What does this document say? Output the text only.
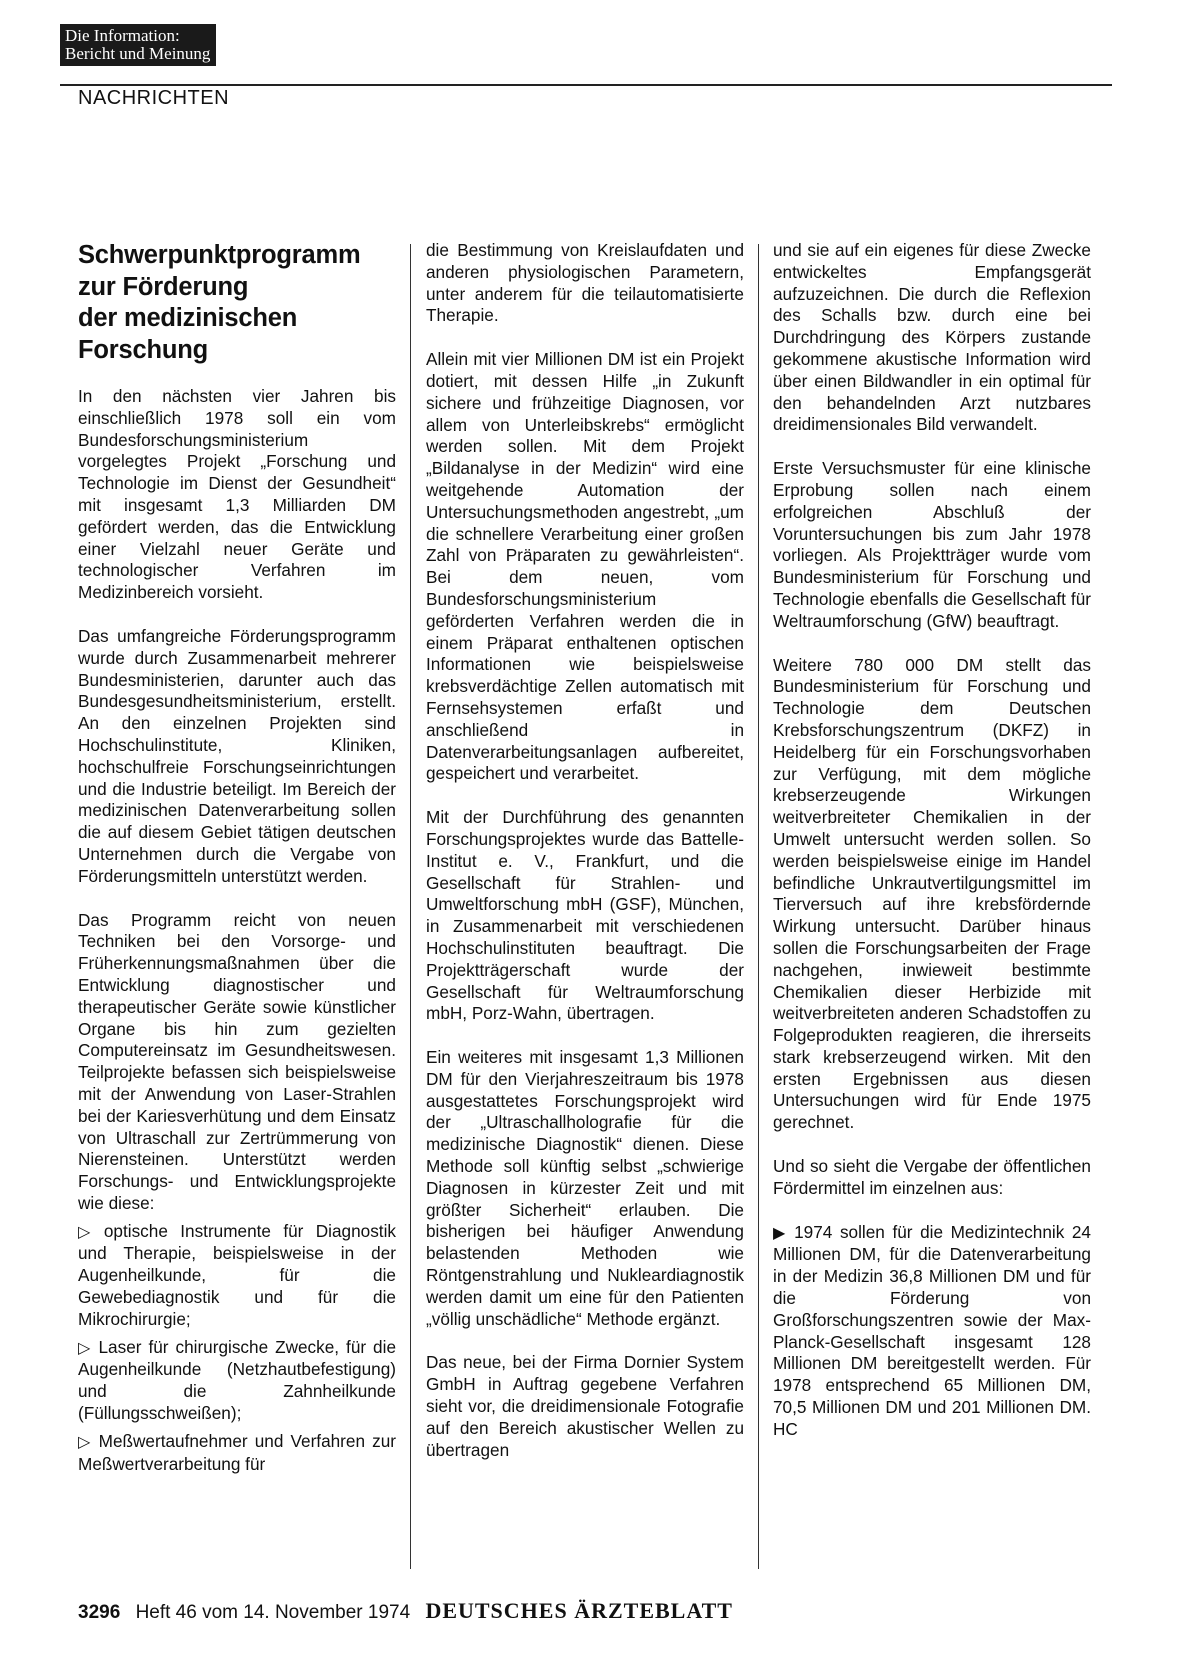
Die Information:
Bericht und Meinung
NACHRICHTEN
Schwerpunktprogramm
zur Förderung
der medizinischen
Forschung

In den nächsten vier Jahren bis einschließlich 1978 soll ein vom Bundesforschungsministerium vorgelegtes Projekt „Forschung und Technologie im Dienst der Gesundheit“ mit insgesamt 1,3 Milliarden DM gefördert werden, das die Entwicklung einer Vielzahl neuer Geräte und technologischer Verfahren im Medizinbereich vorsieht.

Das umfangreiche Förderungsprogramm wurde durch Zusammenarbeit mehrerer Bundesministerien, darunter auch das Bundesgesundheitsministerium, erstellt. An den einzelnen Projekten sind Hochschulinstitute, Kliniken, hochschulfreie Forschungseinrichtungen und die Industrie beteiligt. Im Bereich der medizinischen Datenverarbeitung sollen die auf diesem Gebiet tätigen deutschen Unternehmen durch die Vergabe von Förderungsmitteln unterstützt werden.

Das Programm reicht von neuen Techniken bei den Vorsorge- und Früherkennungsmaßnahmen über die Entwicklung diagnostischer und therapeutischer Geräte sowie künstlicher Organe bis hin zum gezielten Computereinsatz im Gesundheitswesen. Teilprojekte befassen sich beispielsweise mit der Anwendung von Laser-Strahlen bei der Kariesverhütung und dem Einsatz von Ultraschall zur Zertrümmerung von Nierensteinen. Unterstützt werden Forschungs- und Entwicklungsprojekte wie diese:

▷ optische Instrumente für Diagnostik und Therapie, beispielsweise in der Augenheilkunde, für die Gewebediagnostik und für die Mikrochirurgie;

▷ Laser für chirurgische Zwecke, für die Augenheilkunde (Netzhautbefestigung) und die Zahnheilkunde (Füllungsschweißen);

▷ Meßwertaufnehmer und Verfahren zur Meßwertverarbeitung für

die Bestimmung von Kreislaufdaten und anderen physiologischen Parametern, unter anderem für die teilautomatisierte Therapie.

Allein mit vier Millionen DM ist ein Projekt dotiert, mit dessen Hilfe „in Zukunft sichere und frühzeitige Diagnosen, vor allem von Unterleibskrebs“ ermöglicht werden sollen. Mit dem Projekt „Bildanalyse in der Medizin“ wird eine weitgehende Automation der Untersuchungsmethoden angestrebt, „um die schnellere Verarbeitung einer großen Zahl von Präparaten zu gewährleisten“. Bei dem neuen, vom Bundesforschungsministerium geförderten Verfahren werden die in einem Präparat enthaltenen optischen Informationen wie beispielsweise krebsverdächtige Zellen automatisch mit Fernsehsystemen erfaßt und anschließend in Datenverarbeitungsanlagen aufbereitet, gespeichert und verarbeitet.

Mit der Durchführung des genannten Forschungsprojektes wurde das Battelle-Institut e. V., Frankfurt, und die Gesellschaft für Strahlen- und Umweltforschung mbH (GSF), München, in Zusammenarbeit mit verschiedenen Hochschulinstituten beauftragt. Die Projektträgerschaft wurde der Gesellschaft für Weltraumforschung mbH, Porz-Wahn, übertragen.

Ein weiteres mit insgesamt 1,3 Millionen DM für den Vierjahreszeitraum bis 1978 ausgestattetes Forschungsprojekt wird der „Ultraschallholografie für die medizinische Diagnostik“ dienen. Diese Methode soll künftig selbst „schwierige Diagnosen in kürzester Zeit und mit größter Sicherheit“ erlauben. Die bisherigen bei häufiger Anwendung belastenden Methoden wie Röntgenstrahlung und Nukleardiagnostik werden damit um eine für den Patienten „völlig unschädliche“ Methode ergänzt.

Das neue, bei der Firma Dornier System GmbH in Auftrag gegebene Verfahren sieht vor, die dreidimensionale Fotografie auf den Bereich akustischer Wellen zu übertragen

und sie auf ein eigenes für diese Zwecke entwickeltes Empfangsgerät aufzuzeichnen. Die durch die Reflexion des Schalls bzw. durch eine bei Durchdringung des Körpers zustande gekommene akustische Information wird über einen Bildwandler in ein optimal für den behandelnden Arzt nutzbares dreidimensionales Bild verwandelt.

Erste Versuchsmuster für eine klinische Erprobung sollen nach einem erfolgreichen Abschluß der Voruntersuchungen bis zum Jahr 1978 vorliegen. Als Projektträger wurde vom Bundesministerium für Forschung und Technologie ebenfalls die Gesellschaft für Weltraumforschung (GfW) beauftragt.

Weitere 780 000 DM stellt das Bundesministerium für Forschung und Technologie dem Deutschen Krebsforschungszentrum (DKFZ) in Heidelberg für ein Forschungsvorhaben zur Verfügung, mit dem mögliche krebserzeugende Wirkungen weitverbreiteter Chemikalien in der Umwelt untersucht werden sollen. So werden beispielsweise einige im Handel befindliche Unkrautvertilgungsmittel im Tierversuch auf ihre krebsfördernde Wirkung untersucht. Darüber hinaus sollen die Forschungsarbeiten der Frage nachgehen, inwieweit bestimmte Chemikalien dieser Herbizide mit weitverbreiteten anderen Schadstoffen zu Folgeprodukten reagieren, die ihrerseits stark krebserzeugend wirken. Mit den ersten Ergebnissen aus diesen Untersuchungen wird für Ende 1975 gerechnet.

Und so sieht die Vergabe der öffentlichen Fördermittel im einzelnen aus:

▶ 1974 sollen für die Medizintechnik 24 Millionen DM, für die Datenverarbeitung in der Medizin 36,8 Millionen DM und für die Förderung von Großforschungszentren sowie der Max-Planck-Gesellschaft insgesamt 128 Millionen DM bereitgestellt werden. Für 1978 entsprechend 65 Millionen DM, 70,5 Millionen DM und 201 Millionen DM. HC

3296 Heft 46 vom 14. November 1974 DEUTSCHES ÄRZTEBLATT
